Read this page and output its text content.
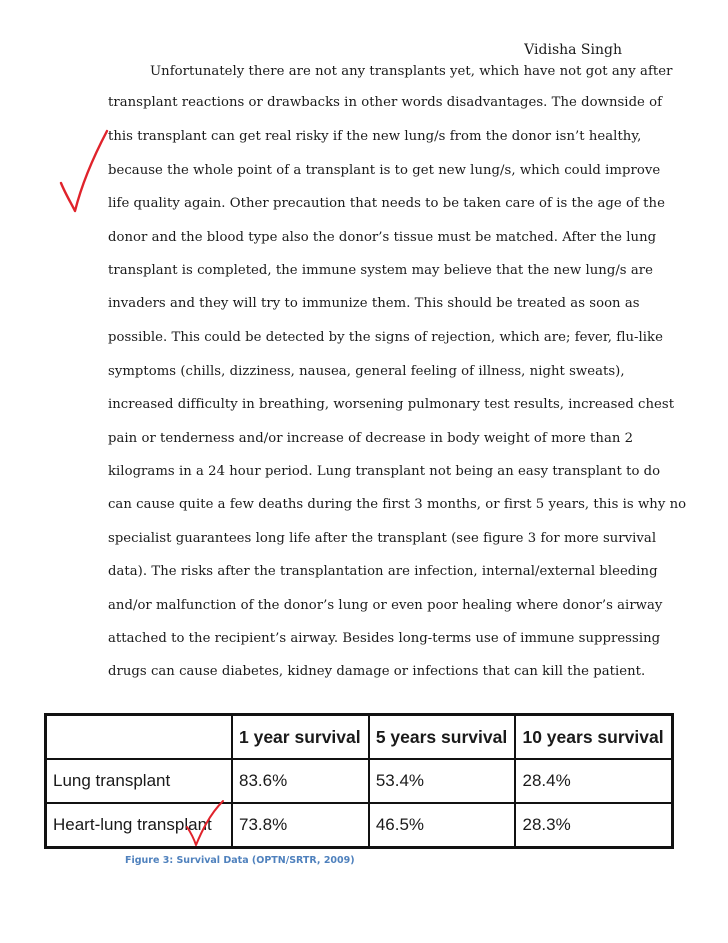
Vidisha Singh
Unfortunately there are not any transplants yet, which have not got any after
transplant reactions or drawbacks in other words disadvantages. The downside of
this transplant can get real risky if the new lung/s from the donor isn’t healthy,
because the whole point of a transplant is to get new lung/s, which could improve
life quality again. Other precaution that needs to be taken care of is the age of the
donor and the blood type also the donor’s tissue must be matched. After the lung
transplant is completed, the immune system may believe that the new lung/s are
invaders and they will try to immunize them. This should be treated as soon as
possible. This could be detected by the signs of rejection, which are; fever, flu-like
symptoms (chills, dizziness, nausea, general feeling of illness, night sweats),
increased difficulty in breathing, worsening pulmonary test results, increased chest
pain or tenderness and/or increase of decrease in body weight of more than 2
kilograms in a 24 hour period. Lung transplant not being an easy transplant to do
can cause quite a few deaths during the first 3 months, or first 5 years, this is why no
specialist guarantees long life after the transplant (see figure 3 for more survival
data). The risks after the transplantation are infection, internal/external bleeding
and/or malfunction of the donor’s lung or even poor healing where donor’s airway
attached to the recipient’s airway. Besides long-terms use of immune suppressing
drugs can cause diabetes, kidney damage or infections that can kill the patient.
	1 year survival	5 years survival	10 years survival
Lung transplant	83.6%	53.4%	28.4%
Heart-lung transplant	73.8%	46.5%	28.3%
Figure 3: Survival Data (OPTN/SRTR, 2009)
